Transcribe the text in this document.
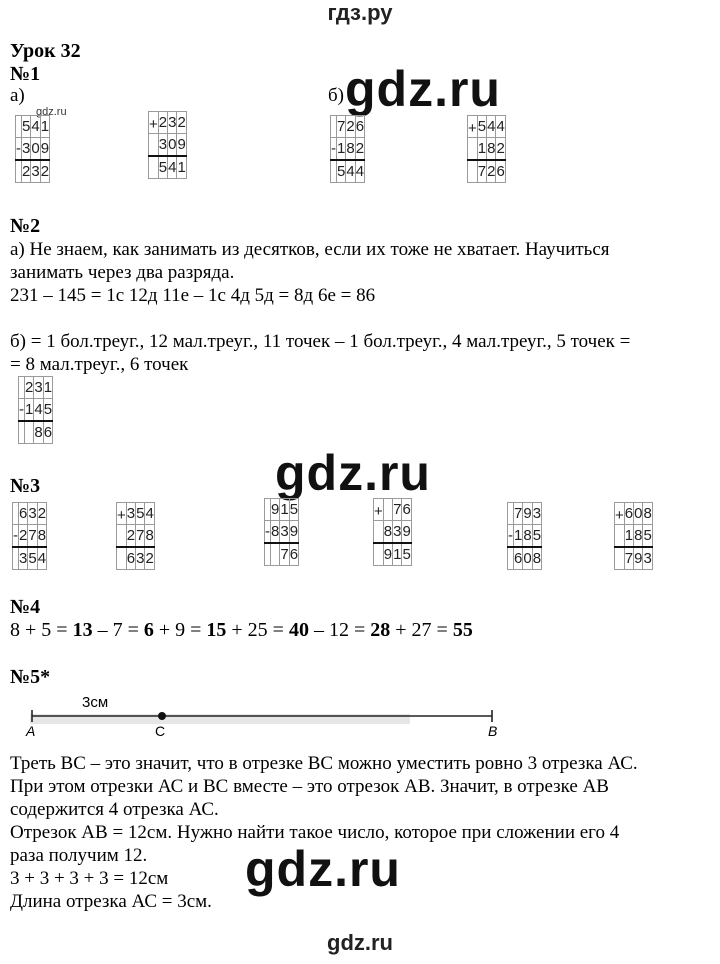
гдз.ру
Урок 32
№1
а)	б)
gdz.ru	gdz.ru
	5	4	1
-	3	0	9
	2	3	2
+	2	3	2
	3	0	9
	5	4	1
	7	2	6
-	1	8	2
	5	4	4
+	5	4	4
	1	8	2
	7	2	6
№2
а) Не знаем, как занимать из десятков, если их тоже не хватает. Научиться
занимать через два разряда.
231 – 145 = 1с 12д 11е – 1с 4д 5д = 8д 6е = 86
б) = 1 бол.треуг., 12 мал.треуг., 11 точек – 1 бол.треуг., 4 мал.треуг., 5 точек =
= 8 мал.треуг., 6 точек
	2	3	1
-	1	4	5
		8	6
gdz.ru
№3
	6	3	2
-	2	7	8
	3	5	4
+	3	5	4
	2	7	8
	6	3	2
	9	1	5
-	8	3	9
		7	6
+		7	6
	8	3	9
	9	1	5
	7	9	3
-	1	8	5
	6	0	8
+	6	0	8
	1	8	5
	7	9	3
№4
8 + 5 = 13 – 7 = 6 + 9 = 15 + 25 = 40 – 12 = 28 + 27 = 55
№5*
3см
A	C	B
Треть ВС – это значит, что в отрезке ВС можно уместить ровно 3 отрезка АС.
При этом отрезки АС и ВС вместе – это отрезок АВ. Значит, в отрезке АВ
содержится 4 отрезка АС.
Отрезок АВ = 12см. Нужно найти такое число, которое при сложении его 4
раза получим 12.
3 + 3 + 3 + 3 = 12см
Длина отрезка АС = 3см.
gdz.ru
gdz.ru
